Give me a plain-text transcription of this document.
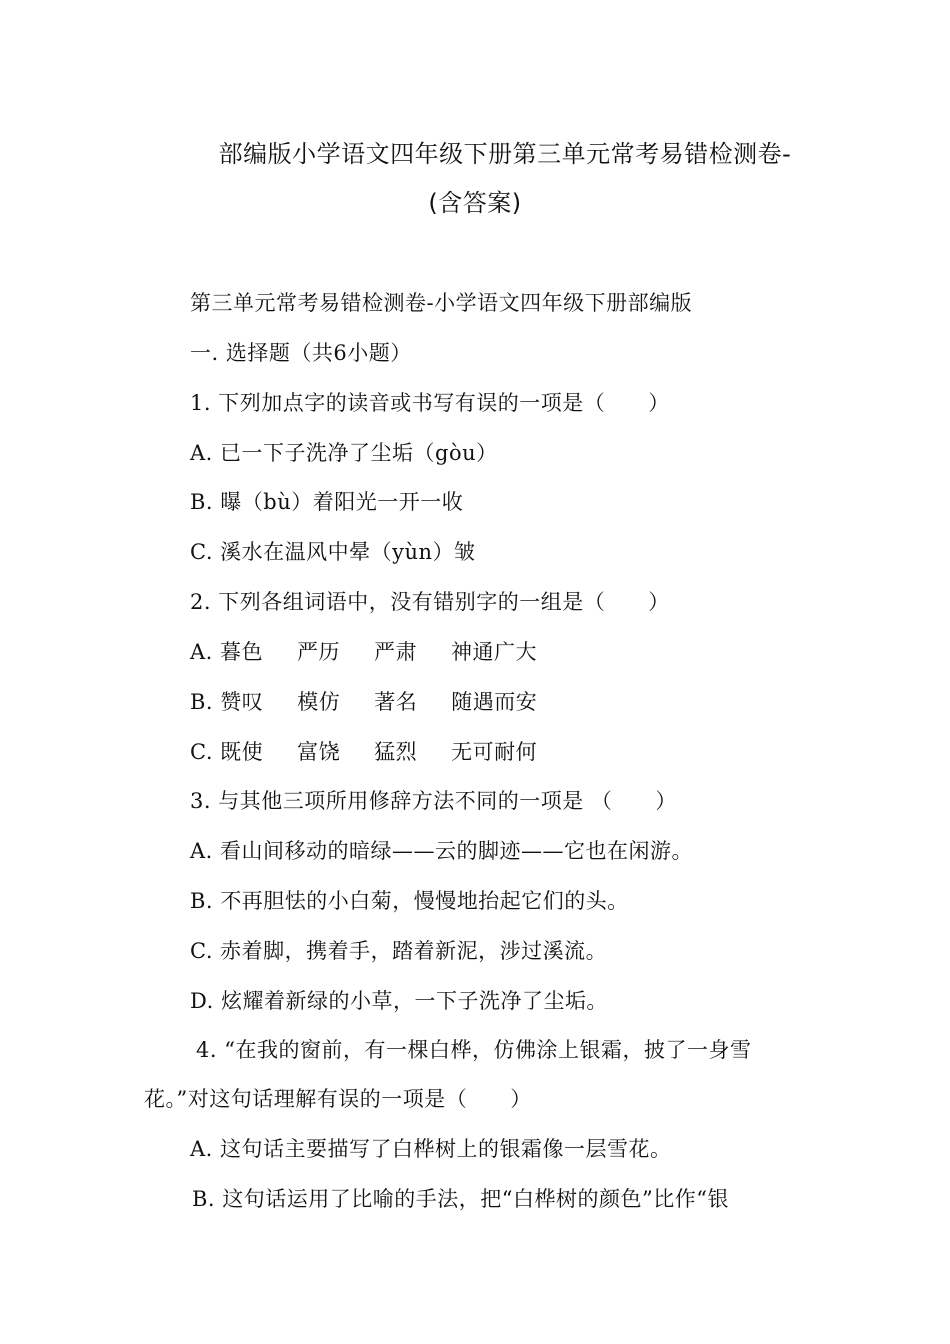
部编版小学语文四年级下册第三单元常考易错检测卷-
(含答案)
第三单元常考易错检测卷-小学语文四年级下册部编版
一. 选择题（共6小题）
1. 下列加点字的读音或书写有误的一项是（　　）
A. 已一下子洗净了尘垢（gòu）
B. 曝（bù）着阳光一开一收
C. 溪水在温风中晕（yùn）皱
2. 下列各组词语中，没有错别字的一组是（　　）
A. 暮色 严历 严肃 神通广大
B. 赞叹 模仿 著名 随遇而安
C. 既使 富饶 猛烈 无可耐何
3. 与其他三项所用修辞方法不同的一项是 （　　）
A. 看山间移动的暗绿——云的脚迹——它也在闲游。
B. 不再胆怯的小白菊，慢慢地抬起它们的头。
C. 赤着脚，携着手，踏着新泥，涉过溪流。
D. 炫耀着新绿的小草，一下子洗净了尘垢。
4. “在我的窗前，有一棵白桦，仿佛涂上银霜，披了一身雪
花。”对这句话理解有误的一项是（　　）
A. 这句话主要描写了白桦树上的银霜像一层雪花。
B. 这句话运用了比喻的手法，把“白桦树的颜色”比作“银
